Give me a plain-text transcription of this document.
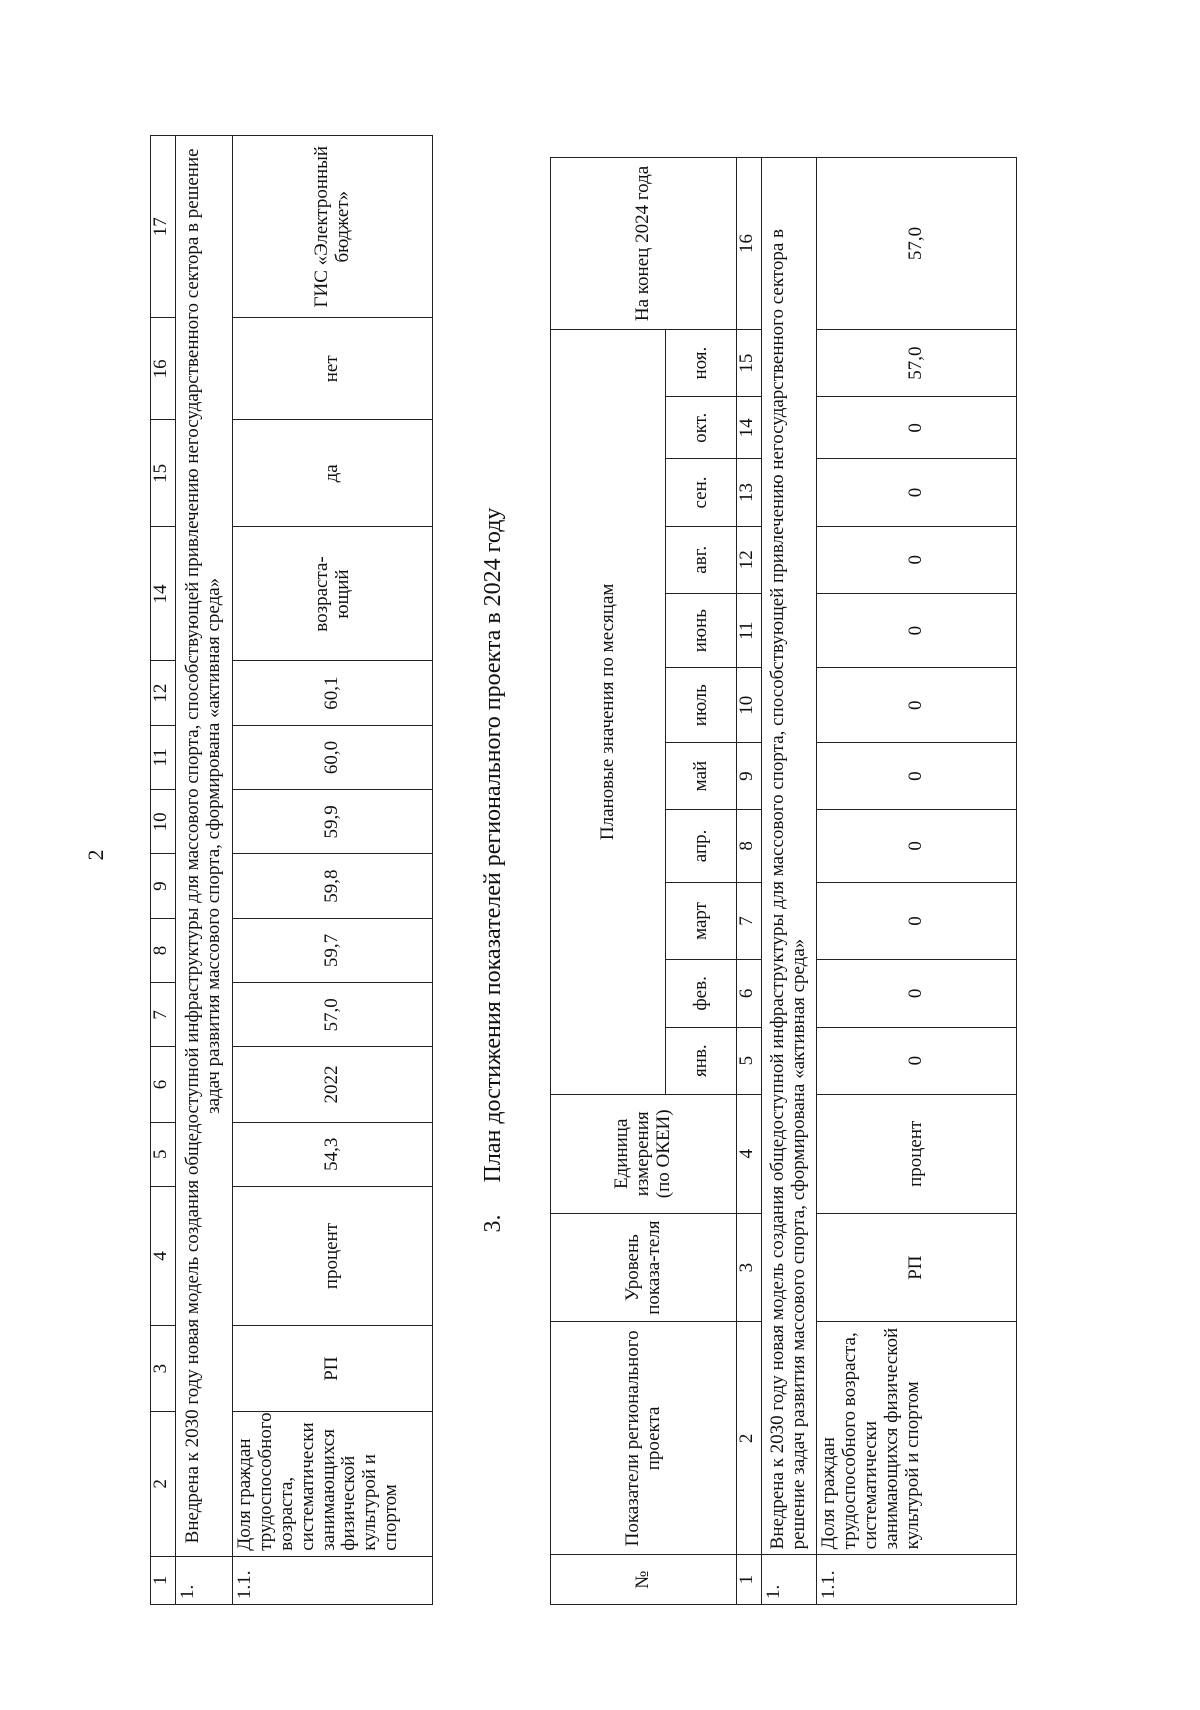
2
1	2	3	4	5	6	7	8	9	10	11	12	14	15	16	17
1.	Внедрена к 2030 году новая модель создания общедоступной инфраструктуры для массового спорта, способствующей привлечению негосударственного сектора в решение задач развития массового спорта, сформирована «активная среда»														
1.1.	Доля граждан трудоспособного возраста, систематически занимающихся физической культурой и спортом	РП	процент	54,3	2022	57,0	59,7	59,8	59,9	60,0	60,1	возраста-ющий	да	нет	ГИС «Электронный бюджет»
3. План достижения показателей регионального проекта в 2024 году
№	Показатели регионального проекта	Уровень показа-теля	Единица измерения (по ОКЕИ)	Плановые значения по месяцам											На конец 2024 года
				янв.	фев.	март	апр.	май	июль	июнь	авг.	сен.	окт.	ноя.	
1	2	3	4	5	6	7	8	9	10	11	12	13	14	15	16
1.	Внедрена к 2030 году новая модель создания общедоступной инфраструктуры для массового спорта, способствующей привлечению негосударственного сектора в решение задач развития массового спорта, сформирована «активная среда»														
1.1.	Доля граждан трудоспособного возраста, систематически занимающихся физической культурой и спортом	РП	процент	0	0	0	0	0	0	0	0	0	0	57,0	57,0
